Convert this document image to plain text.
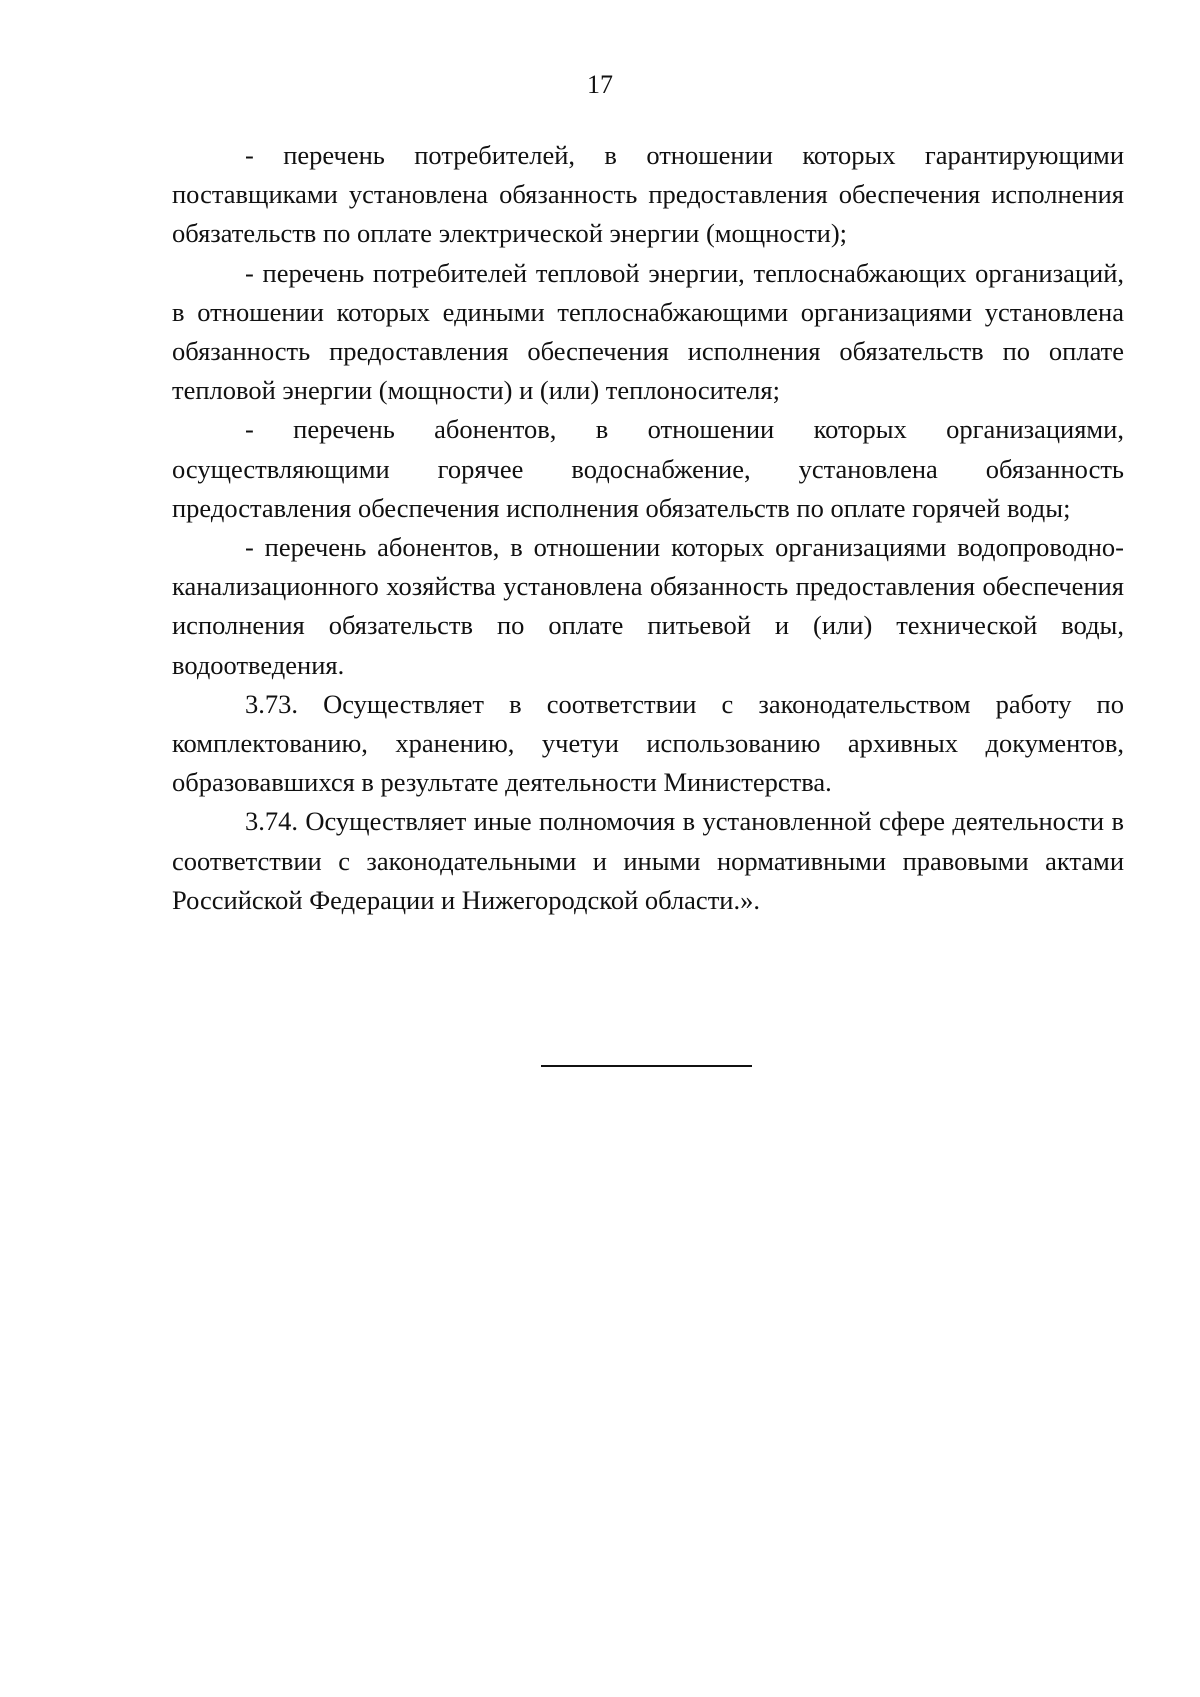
17

- перечень потребителей, в отношении которых гарантирующими поставщиками установлена обязанность предоставления обеспечения исполнения обязательств по оплате электрической энергии (мощности);

- перечень потребителей тепловой энергии, теплоснабжающих организаций, в отношении которых едиными теплоснабжающими организациями установлена обязанность предоставления обеспечения исполнения обязательств по оплате тепловой энергии (мощности) и (или) теплоносителя;

- перечень абонентов, в отношении которых организациями, осуществляющими горячее водоснабжение, установлена обязанность предоставления обеспечения исполнения обязательств по оплате горячей воды;

- перечень абонентов, в отношении которых организациями водопроводно-канализационного хозяйства установлена обязанность предоставления обеспечения исполнения обязательств по оплате питьевой и (или) технической воды, водоотведения.

3.73. Осуществляет в соответствии с законодательством работу по комплектованию, хранению, учетуи использованию архивных документов, образовавшихся в результате деятельности Министерства.

3.74. Осуществляет иные полномочия в установленной сфере деятельности в соответствии с законодательными и иными нормативными правовыми актами Российской Федерации и Нижегородской области.».
